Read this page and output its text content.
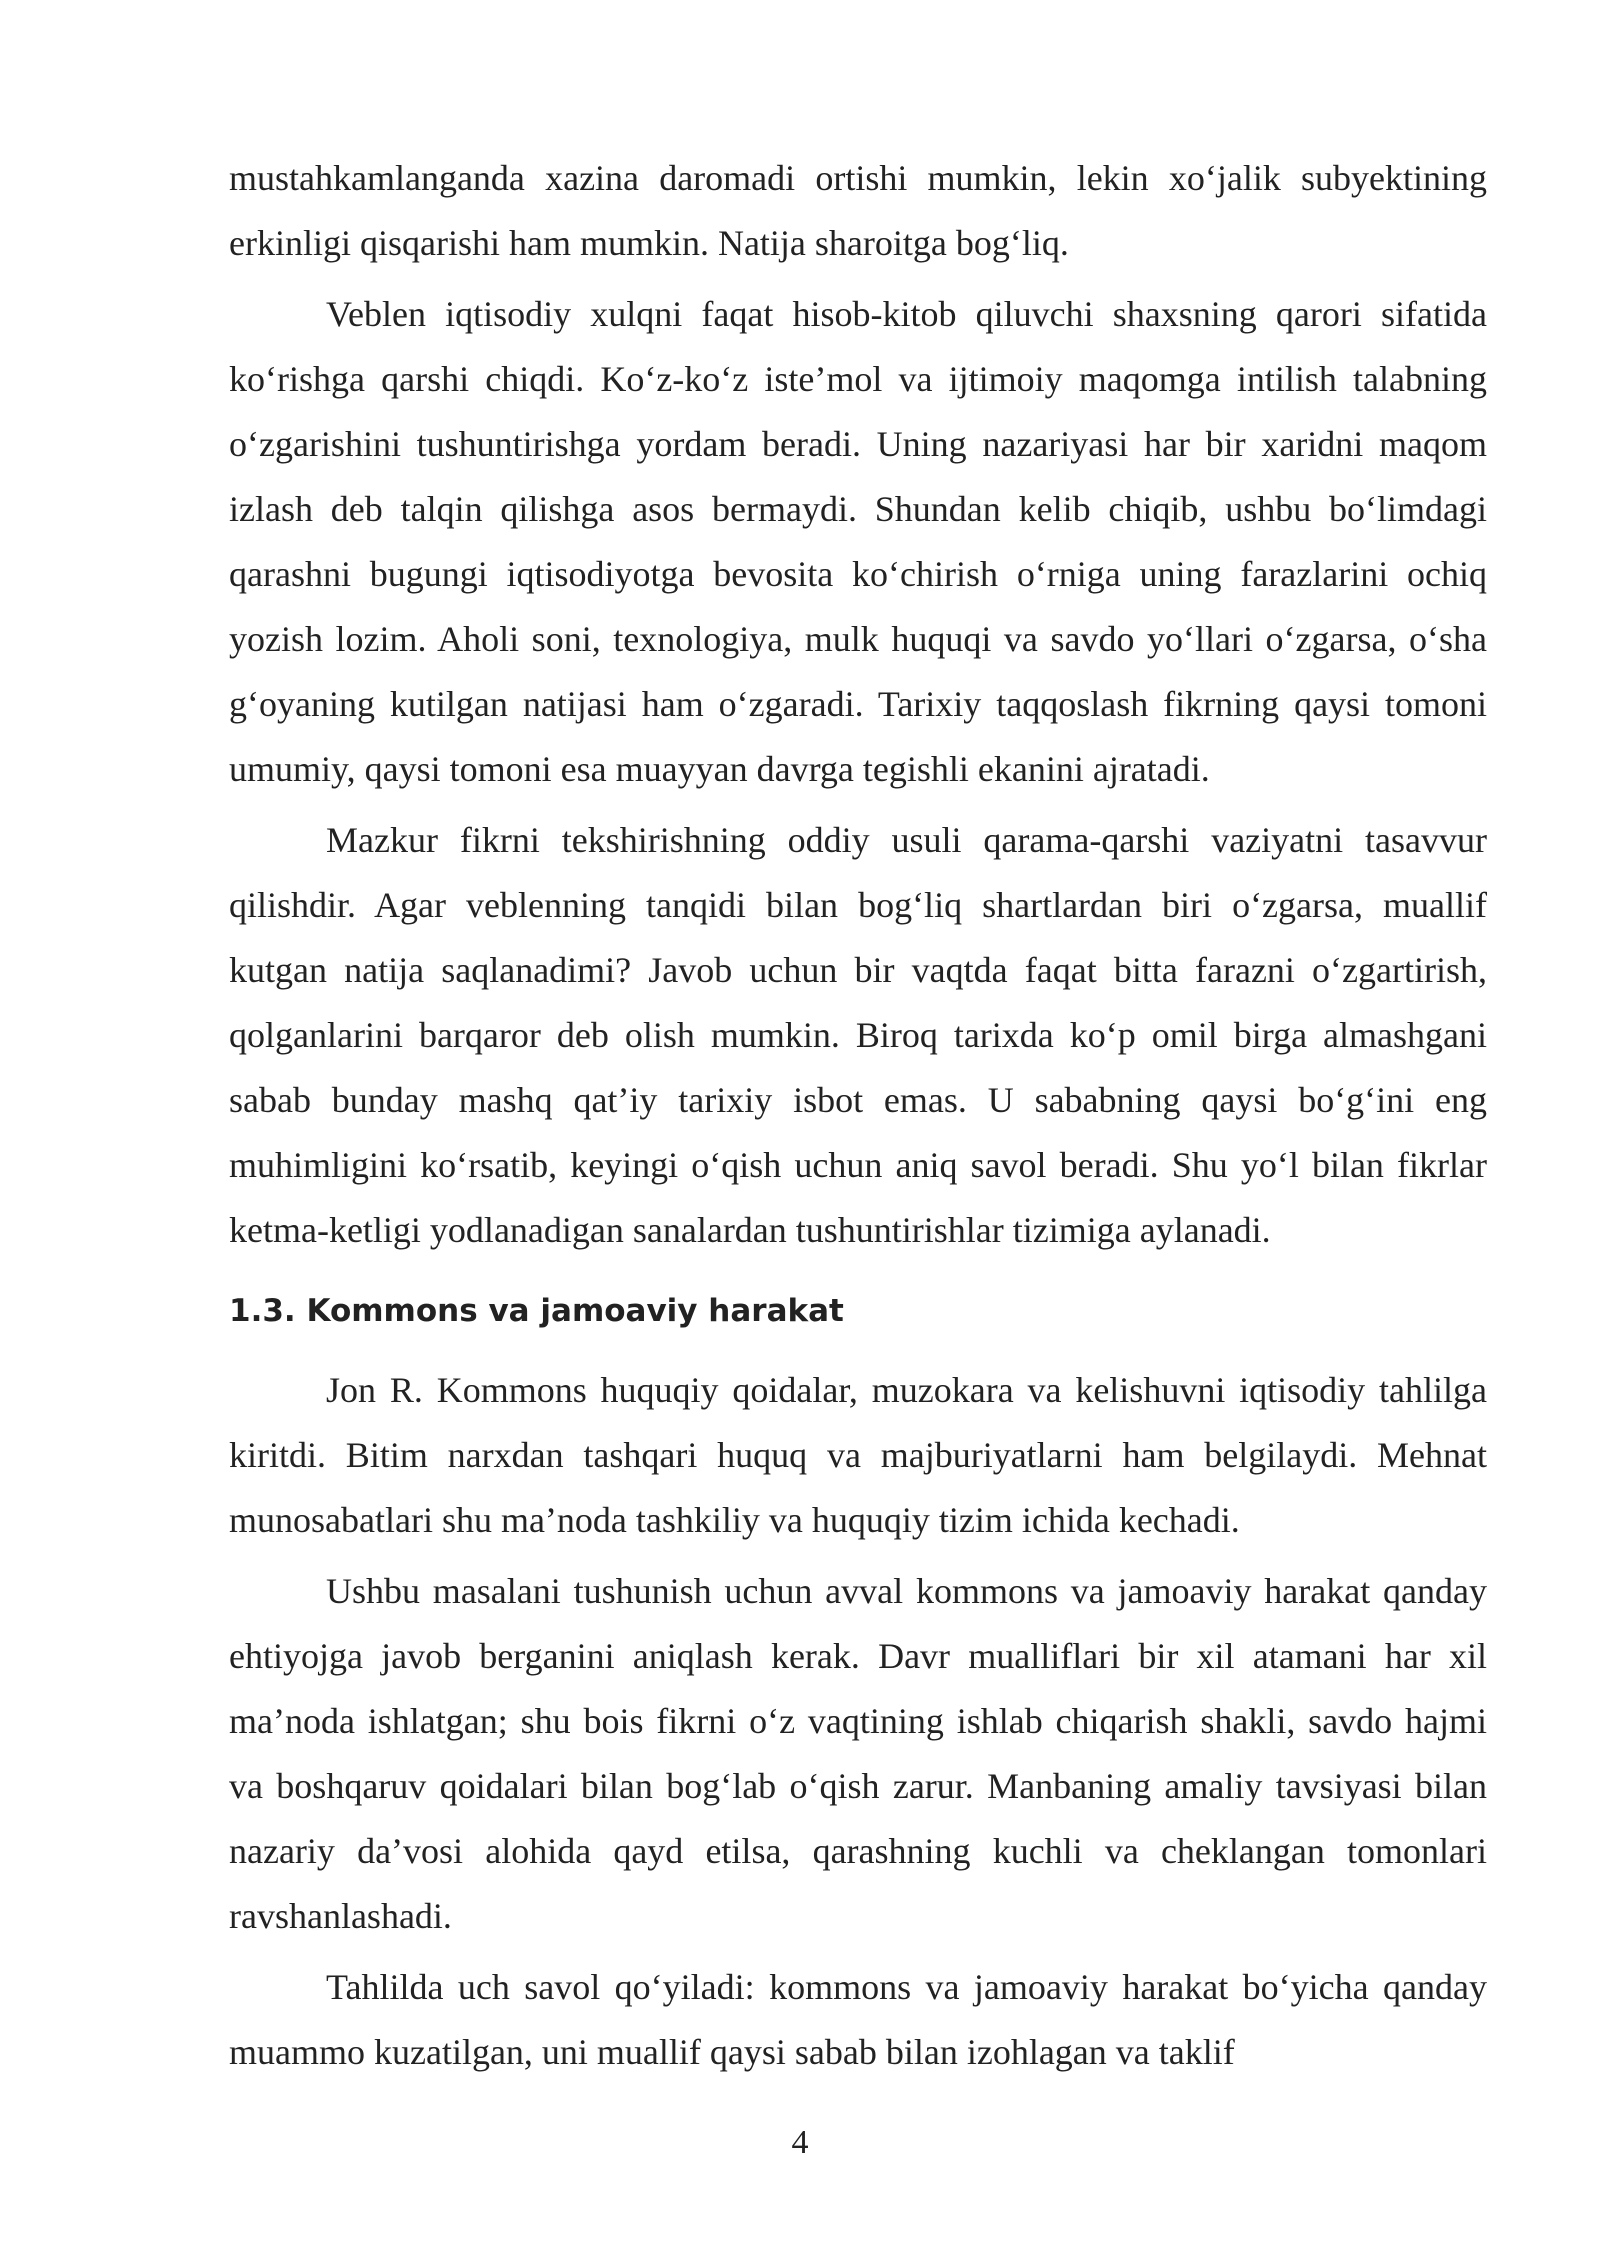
mustahkamlanganda xazina daromadi ortishi mumkin, lekin xo‘jalik subyektining erkinligi qisqarishi ham mumkin. Natija sharoitga bog‘liq.

Veblen iqtisodiy xulqni faqat hisob-kitob qiluvchi shaxsning qarori sifatida ko‘rishga qarshi chiqdi. Ko‘z-ko‘z iste’mol va ijtimoiy maqomga intilish talabning o‘zgarishini tushuntirishga yordam beradi. Uning nazariyasi har bir xaridni maqom izlash deb talqin qilishga asos bermaydi. Shundan kelib chiqib, ushbu bo‘limdagi qarashni bugungi iqtisodiyotga bevosita ko‘chirish o‘rniga uning farazlarini ochiq yozish lozim. Aholi soni, texnologiya, mulk huquqi va savdo yo‘llari o‘zgarsa, o‘sha g‘oyaning kutilgan natijasi ham o‘zgaradi. Tarixiy taqqoslash fikrning qaysi tomoni umumiy, qaysi tomoni esa muayyan davrga tegishli ekanini ajratadi.

Mazkur fikrni tekshirishning oddiy usuli qarama-qarshi vaziyatni tasavvur qilishdir. Agar veblenning tanqidi bilan bog‘liq shartlardan biri o‘zgarsa, muallif kutgan natija saqlanadimi? Javob uchun bir vaqtda faqat bitta farazni o‘zgartirish, qolganlarini barqaror deb olish mumkin. Biroq tarixda ko‘p omil birga almashgani sabab bunday mashq qat’iy tarixiy isbot emas. U sababning qaysi bo‘g‘ini eng muhimligini ko‘rsatib, keyingi o‘qish uchun aniq savol beradi. Shu yo‘l bilan fikrlar ketma-ketligi yodlanadigan sanalardan tushuntirishlar tizimiga aylanadi.

1.3. Kommons va jamoaviy harakat

Jon R. Kommons huquqiy qoidalar, muzokara va kelishuvni iqtisodiy tahlilga kiritdi. Bitim narxdan tashqari huquq va majburiyatlarni ham belgilaydi. Mehnat munosabatlari shu ma’noda tashkiliy va huquqiy tizim ichida kechadi.

Ushbu masalani tushunish uchun avval kommons va jamoaviy harakat qanday ehtiyojga javob berganini aniqlash kerak. Davr mualliflari bir xil atamani har xil ma’noda ishlatgan; shu bois fikrni o‘z vaqtining ishlab chiqarish shakli, savdo hajmi va boshqaruv qoidalari bilan bog‘lab o‘qish zarur. Manbaning amaliy tavsiyasi bilan nazariy da’vosi alohida qayd etilsa, qarashning kuchli va cheklangan tomonlari ravshanlashadi.

Tahlilda uch savol qo‘yiladi: kommons va jamoaviy harakat bo‘yicha qanday muammo kuzatilgan, uni muallif qaysi sabab bilan izohlagan va taklif

4
